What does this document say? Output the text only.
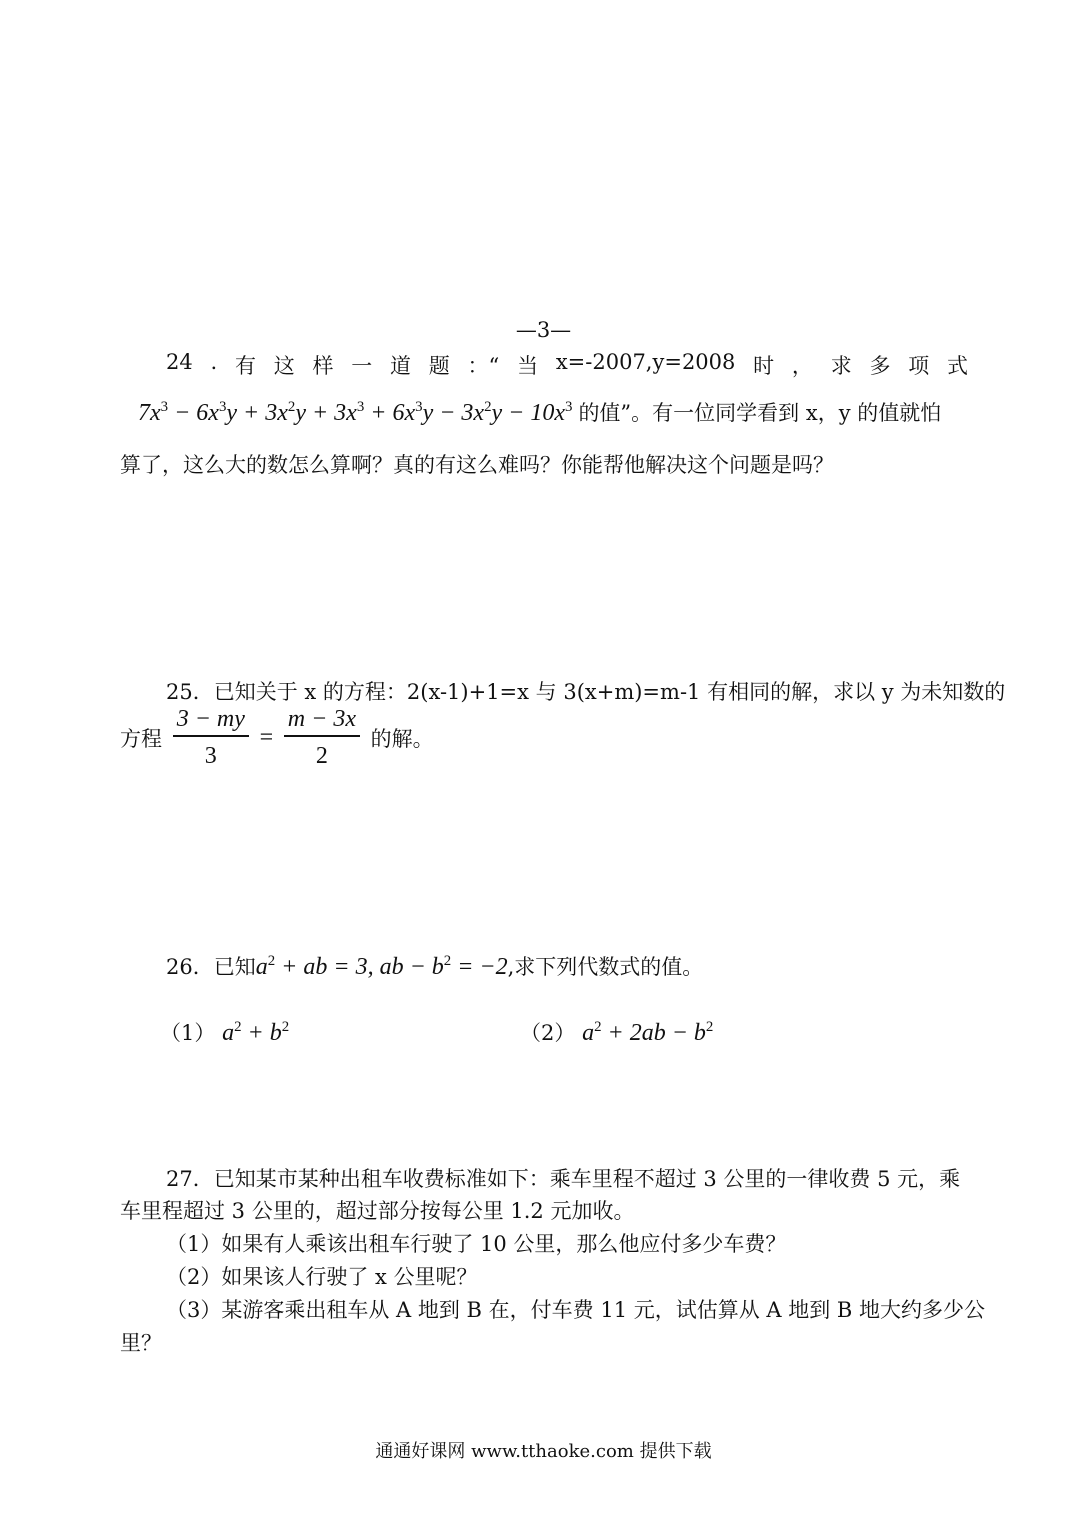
—3—
24 . 有 这 样 一 道 题 ：“ 当 x=-2007,y=2008 时 ， 求 多 项 式
$7x^3 - 6x^3y + 3x^2y + 3x^3 + 6x^3y - 3x^2y - 10x^3$ 的值”。有一位同学看到 x，y 的值就怕
算了，这么大的数怎么算啊？真的有这么难吗？你能帮他解决这个问题是吗？
25．已知关于 x 的方程：2(x-1)+1=x 与 3(x+m)=m-1 有相同的解，求以 y 为未知数的
方程 $\frac{3 - my}{3} = \frac{m - 3x}{2}$ 的解。
26．已知$a^2$ + ab = 3, ab − $b^2 = -2$,求下列代数式的值。
（1） $a^2 + b^2$	（2） $a^2 + 2ab - b^2$
27．已知某市某种出租车收费标准如下：乘车里程不超过 3 公里的一律收费 5 元，乘
车里程超过 3 公里的，超过部分按每公里 1.2 元加收。
（1）如果有人乘该出租车行驶了 10 公里，那么他应付多少车费？
（2）如果该人行驶了 x 公里呢？
（3）某游客乘出租车从 A 地到 B 在，付车费 11 元，试估算从 A 地到 B 地大约多少公
里？
通通好课网 www.tthaoke.com 提供下载
